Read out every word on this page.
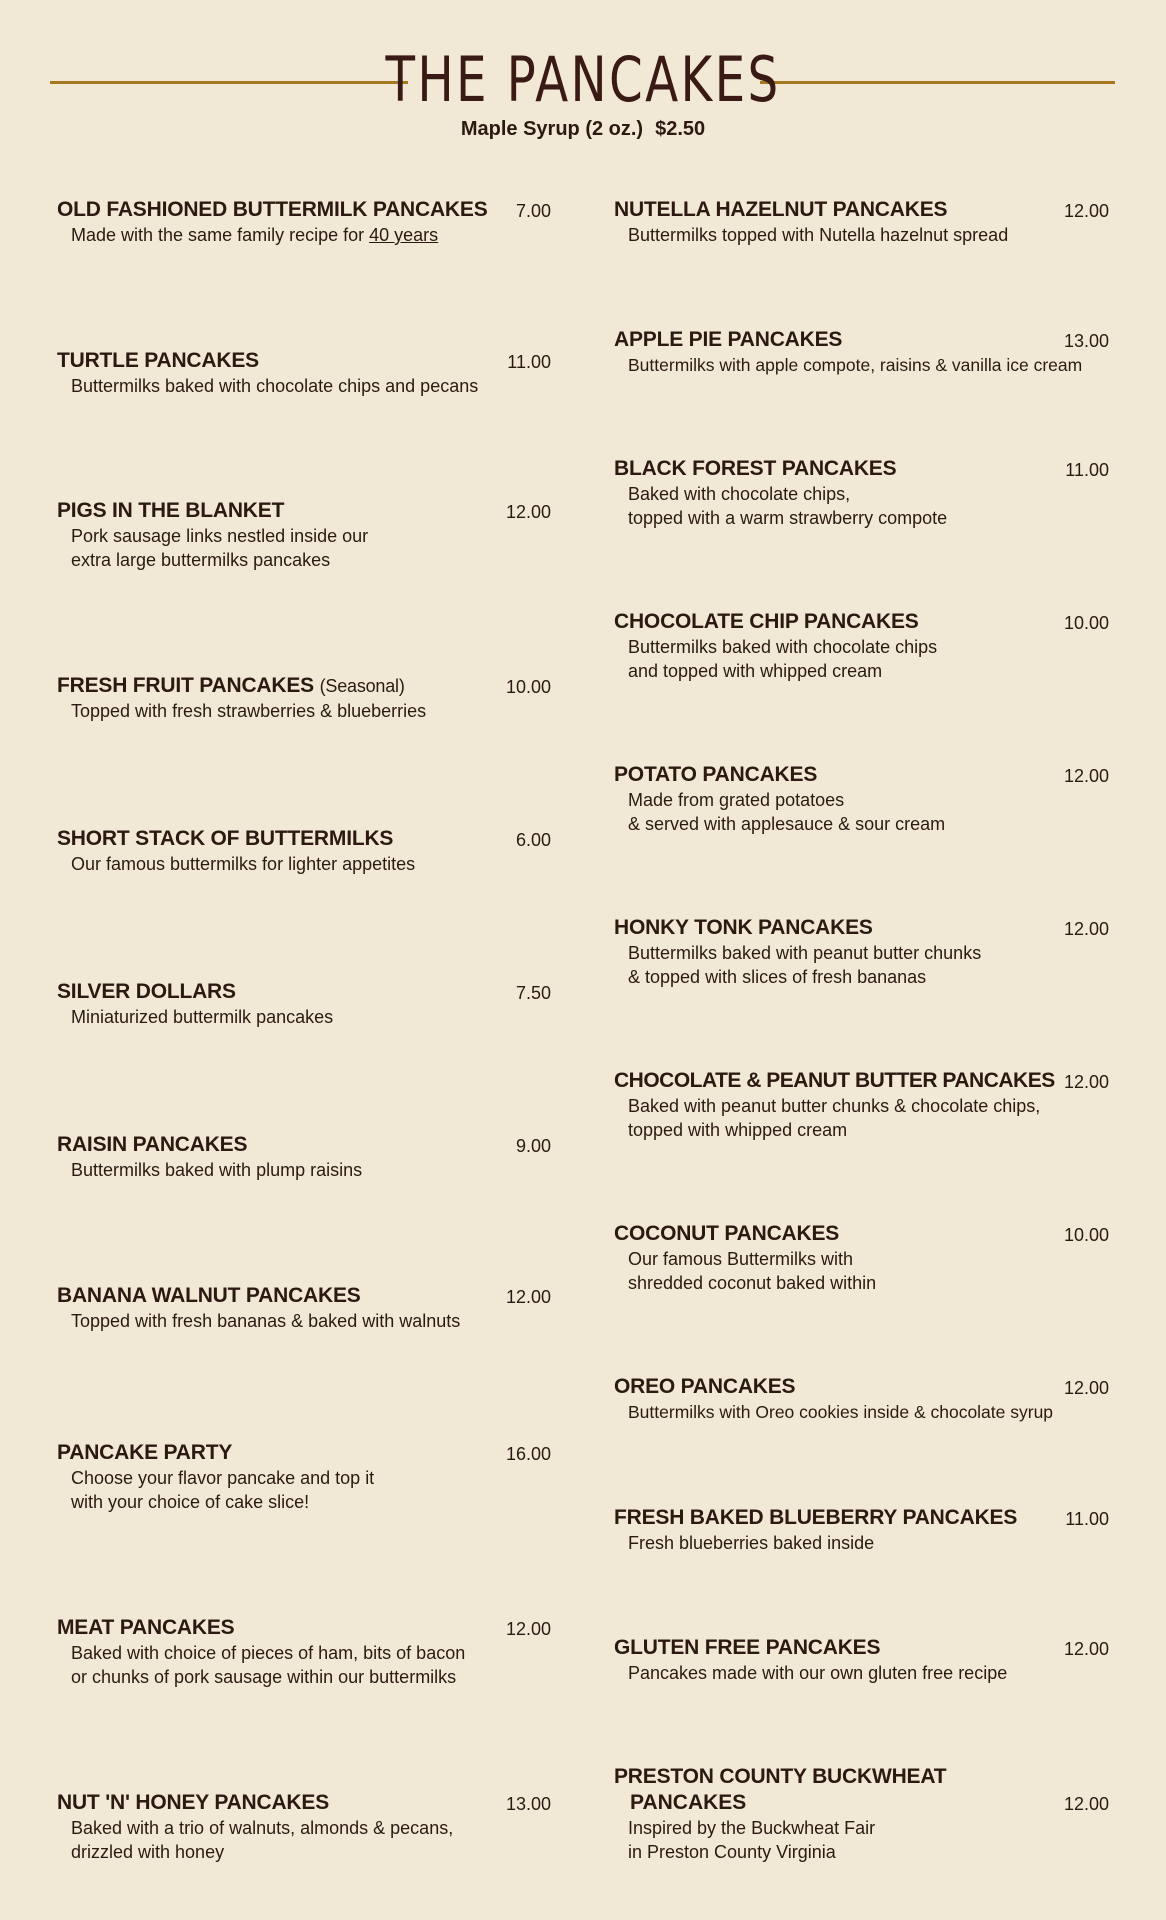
THE PANCAKES
Maple Syrup (2 oz.) $2.50
OLD FASHIONED BUTTERMILK PANCAKES	7.00
Made with the same family recipe for 40 years
TURTLE PANCAKES	11.00
Buttermilks baked with chocolate chips and pecans
PIGS IN THE BLANKET	12.00
Pork sausage links nestled inside our
extra large buttermilks pancakes
FRESH FRUIT PANCAKES (Seasonal)	10.00
Topped with fresh strawberries & blueberries
SHORT STACK OF BUTTERMILKS	6.00
Our famous buttermilks for lighter appetites
SILVER DOLLARS	7.50
Miniaturized buttermilk pancakes
RAISIN PANCAKES	9.00
Buttermilks baked with plump raisins
BANANA WALNUT PANCAKES	12.00
Topped with fresh bananas & baked with walnuts
PANCAKE PARTY	16.00
Choose your flavor pancake and top it
with your choice of cake slice!
MEAT PANCAKES	12.00
Baked with choice of pieces of ham, bits of bacon
or chunks of pork sausage within our buttermilks
NUT 'N' HONEY PANCAKES	13.00
Baked with a trio of walnuts, almonds & pecans,
drizzled with honey
NUTELLA HAZELNUT PANCAKES	12.00
Buttermilks topped with Nutella hazelnut spread
APPLE PIE PANCAKES	13.00
Buttermilks with apple compote, raisins & vanilla ice cream
BLACK FOREST PANCAKES	11.00
Baked with chocolate chips,
topped with a warm strawberry compote
CHOCOLATE CHIP PANCAKES	10.00
Buttermilks baked with chocolate chips
and topped with whipped cream
POTATO PANCAKES	12.00
Made from grated potatoes
& served with applesauce & sour cream
HONKY TONK PANCAKES	12.00
Buttermilks baked with peanut butter chunks
& topped with slices of fresh bananas
CHOCOLATE & PEANUT BUTTER PANCAKES 12.00
Baked with peanut butter chunks & chocolate chips,
topped with whipped cream
COCONUT PANCAKES	10.00
Our famous Buttermilks with
shredded coconut baked within
OREO PANCAKES	12.00
Buttermilks with Oreo cookies inside & chocolate syrup
FRESH BAKED BLUEBERRY PANCAKES	11.00
Fresh blueberries baked inside
GLUTEN FREE PANCAKES	12.00
Pancakes made with our own gluten free recipe
PRESTON COUNTY BUCKWHEAT
PANCAKES	12.00
Inspired by the Buckwheat Fair
in Preston County Virginia
